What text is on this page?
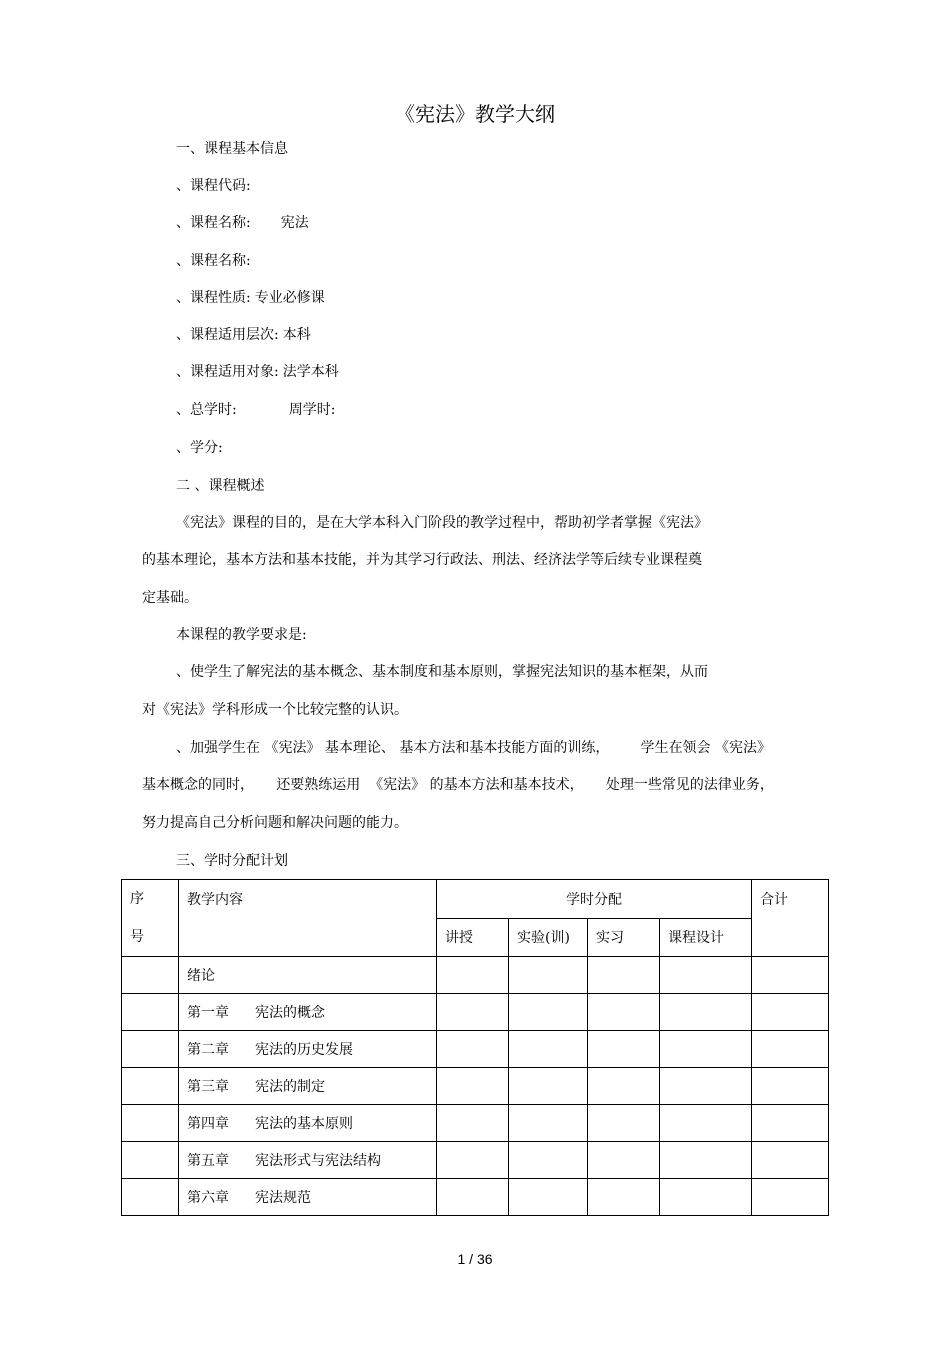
《宪法》教学大纲
一、课程基本信息
、课程代码:
、课程名称: 宪法
、课程名称:
、课程性质: 专业必修课
、课程适用层次: 本科
、课程适用对象: 法学本科
、总学时:	周学时:
、学分:
二 、课程概述
《宪法》课程的目的，是在大学本科入门阶段的教学过程中，帮助初学者掌握《宪法》
的基本理论，基本方法和基本技能，并为其学习行政法、刑法、经济法学等后续专业课程奠
定基础。
本课程的教学要求是:
、使学生了解宪法的基本概念、基本制度和基本原则，掌握宪法知识的基本框架，从而
对《宪法》学科形成一个比较完整的认识。
、加强学生在 《宪法》 基本理论、 基本方法和基本技能方面的训练，       学生在领会 《宪法》
基本概念的同时，     还要熟练运用  《宪法》 的基本方法和基本技术，     处理一些常见的法律业务，
努力提高自己分析问题和解决问题的能力。
三、学时分配计划
序
号	教学内容	学时分配				合计
		讲授	实验(训)	实习	课程设计	
	绪论					
	第一章 宪法的概念					
	第二章 宪法的历史发展					
	第三章 宪法的制定					
	第四章 宪法的基本原则					
	第五章 宪法形式与宪法结构					
	第六章 宪法规范					
1 / 36
